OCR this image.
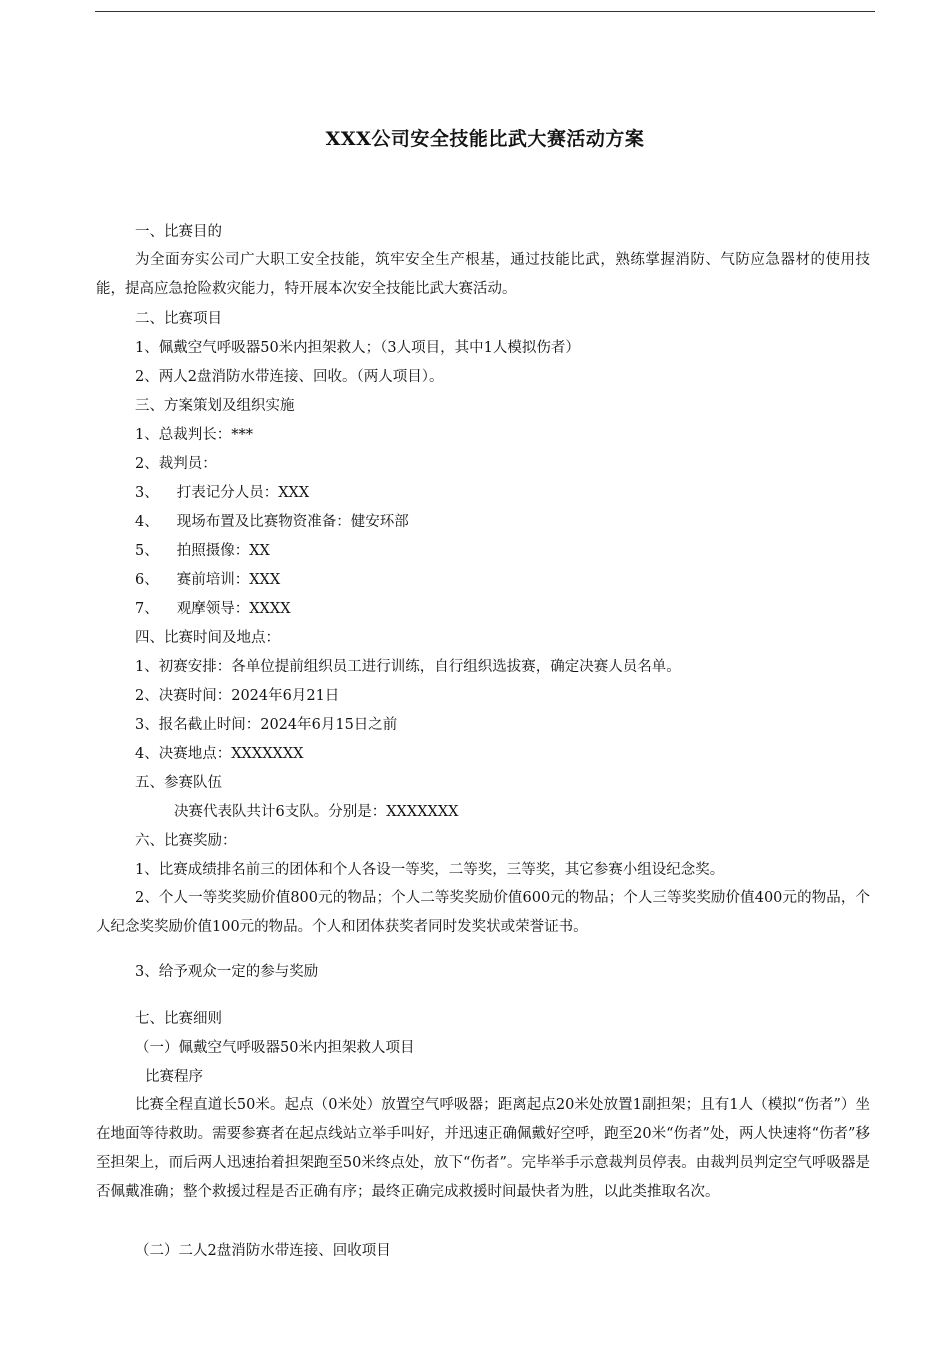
XXX公司安全技能比武大赛活动方案
一、比赛目的
为全面夯实公司广大职工安全技能，筑牢安全生产根基，通过技能比武，熟练掌握消防、气防应急器材的使用技能，提高应急抢险救灾能力，特开展本次安全技能比武大赛活动。
二、比赛项目
1、佩戴空气呼吸器50米内担架救人；（3人项目，其中1人模拟伤者）
2、两人2盘消防水带连接、回收。（两人项目）。
三、方案策划及组织实施
1、总裁判长：***
2、裁判员：
3、 打表记分人员：XXX
4、 现场布置及比赛物资准备：健安环部
5、 拍照摄像：XX
6、 赛前培训：XXX
7、 观摩领导：XXXX
四、比赛时间及地点：
1、初赛安排：各单位提前组织员工进行训练，自行组织选拔赛，确定决赛人员名单。
2、决赛时间：2024年6月21日
3、报名截止时间：2024年6月15日之前
4、决赛地点：XXXXXXX
五、参赛队伍
决赛代表队共计6支队。分别是：XXXXXXX
六、比赛奖励：
1、比赛成绩排名前三的团体和个人各设一等奖，二等奖，三等奖，其它参赛小组设纪念奖。
2、个人一等奖奖励价值800元的物品；个人二等奖奖励价值600元的物品；个人三等奖奖励价值400元的物品，个人纪念奖奖励价值100元的物品。个人和团体获奖者同时发奖状或荣誉证书。
3、给予观众一定的参与奖励
七、比赛细则
（一）佩戴空气呼吸器50米内担架救人项目
比赛程序
比赛全程直道长50米。起点（0米处）放置空气呼吸器；距离起点20米处放置1副担架；且有1人（模拟“伤者”）坐在地面等待救助。需要参赛者在起点线站立举手叫好，并迅速正确佩戴好空呼，跑至20米“伤者”处，两人快速将“伤者”移至担架上，而后两人迅速抬着担架跑至50米终点处，放下“伤者”。完毕举手示意裁判员停表。由裁判员判定空气呼吸器是否佩戴准确；整个救援过程是否正确有序；最终正确完成救援时间最快者为胜，以此类推取名次。
（二）二人2盘消防水带连接、回收项目
